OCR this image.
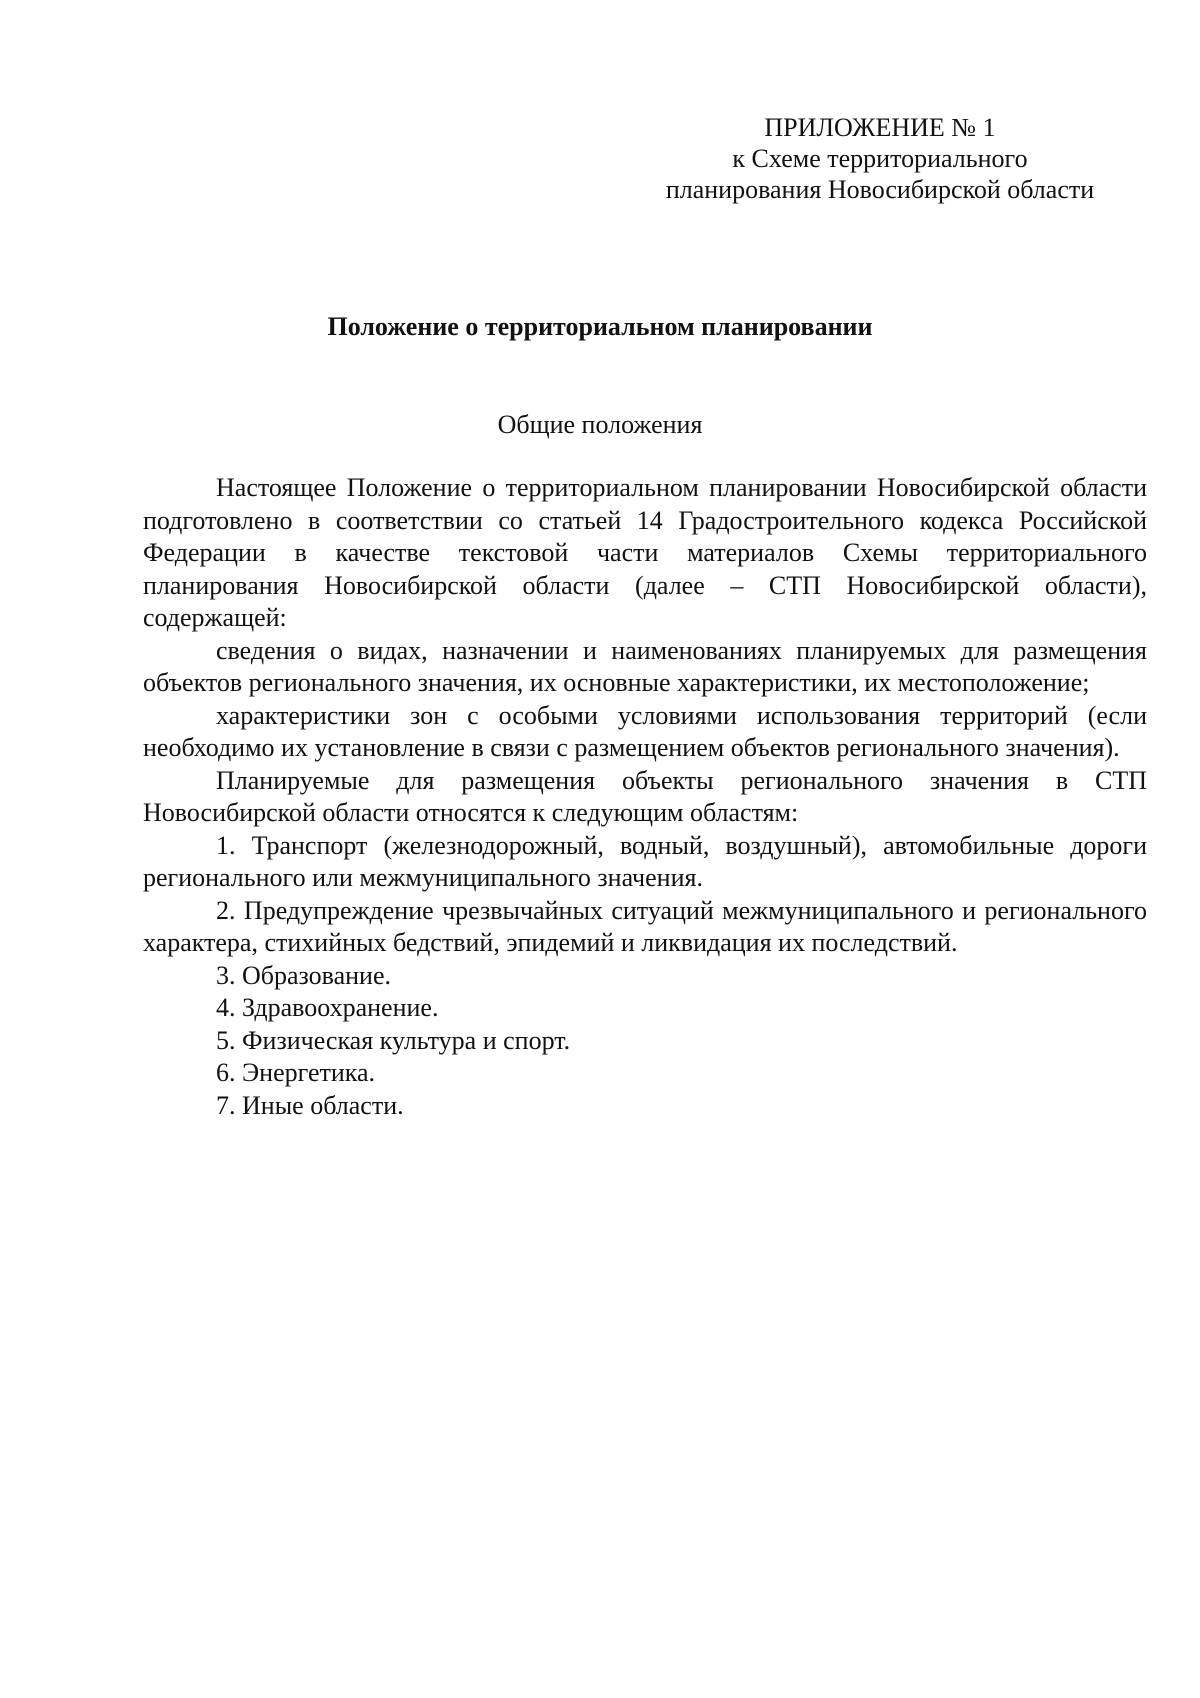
ПРИЛОЖЕНИЕ № 1
к Схеме территориального
планирования Новосибирской области
Положение о территориальном планировании
Общие положения

Настоящее Положение о территориальном планировании Новосибирской области подготовлено в соответствии со статьей 14 Градостроительного кодекса Российской Федерации в качестве текстовой части материалов Схемы территориального планирования Новосибирской области (далее – СТП Новосибирской области), содержащей:

сведения о видах, назначении и наименованиях планируемых для размещения объектов регионального значения, их основные характеристики, их местоположение;

характеристики зон с особыми условиями использования территорий (если необходимо их установление в связи с размещением объектов регионального значения).

Планируемые для размещения объекты регионального значения в СТП Новосибирской области относятся к следующим областям:

1. Транспорт (железнодорожный, водный, воздушный), автомобильные дороги регионального или межмуниципального значения.

2. Предупреждение чрезвычайных ситуаций межмуниципального и регионального характера, стихийных бедствий, эпидемий и ликвидация их последствий.

3. Образование.

4. Здравоохранение.

5. Физическая культура и спорт.

6. Энергетика.

7. Иные области.
